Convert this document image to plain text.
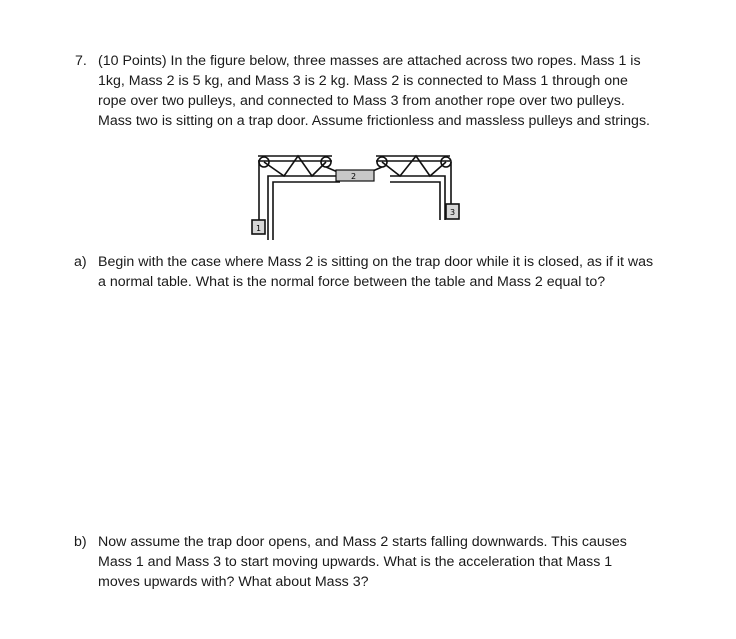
7. (10 Points) In the figure below, three masses are attached across two ropes. Mass 1 is
1kg, Mass 2 is 5 kg, and Mass 3 is 2 kg. Mass 2 is connected to Mass 1 through one
rope over two pulleys, and connected to Mass 3 from another rope over two pulleys.
Mass two is sitting on a trap door. Assume frictionless and massless pulleys and strings.
2
1
3
a) Begin with the case where Mass 2 is sitting on the trap door while it is closed, as if it was
a normal table. What is the normal force between the table and Mass 2 equal to?
b) Now assume the trap door opens, and Mass 2 starts falling downwards. This causes
Mass 1 and Mass 3 to start moving upwards. What is the acceleration that Mass 1
moves upwards with? What about Mass 3?
